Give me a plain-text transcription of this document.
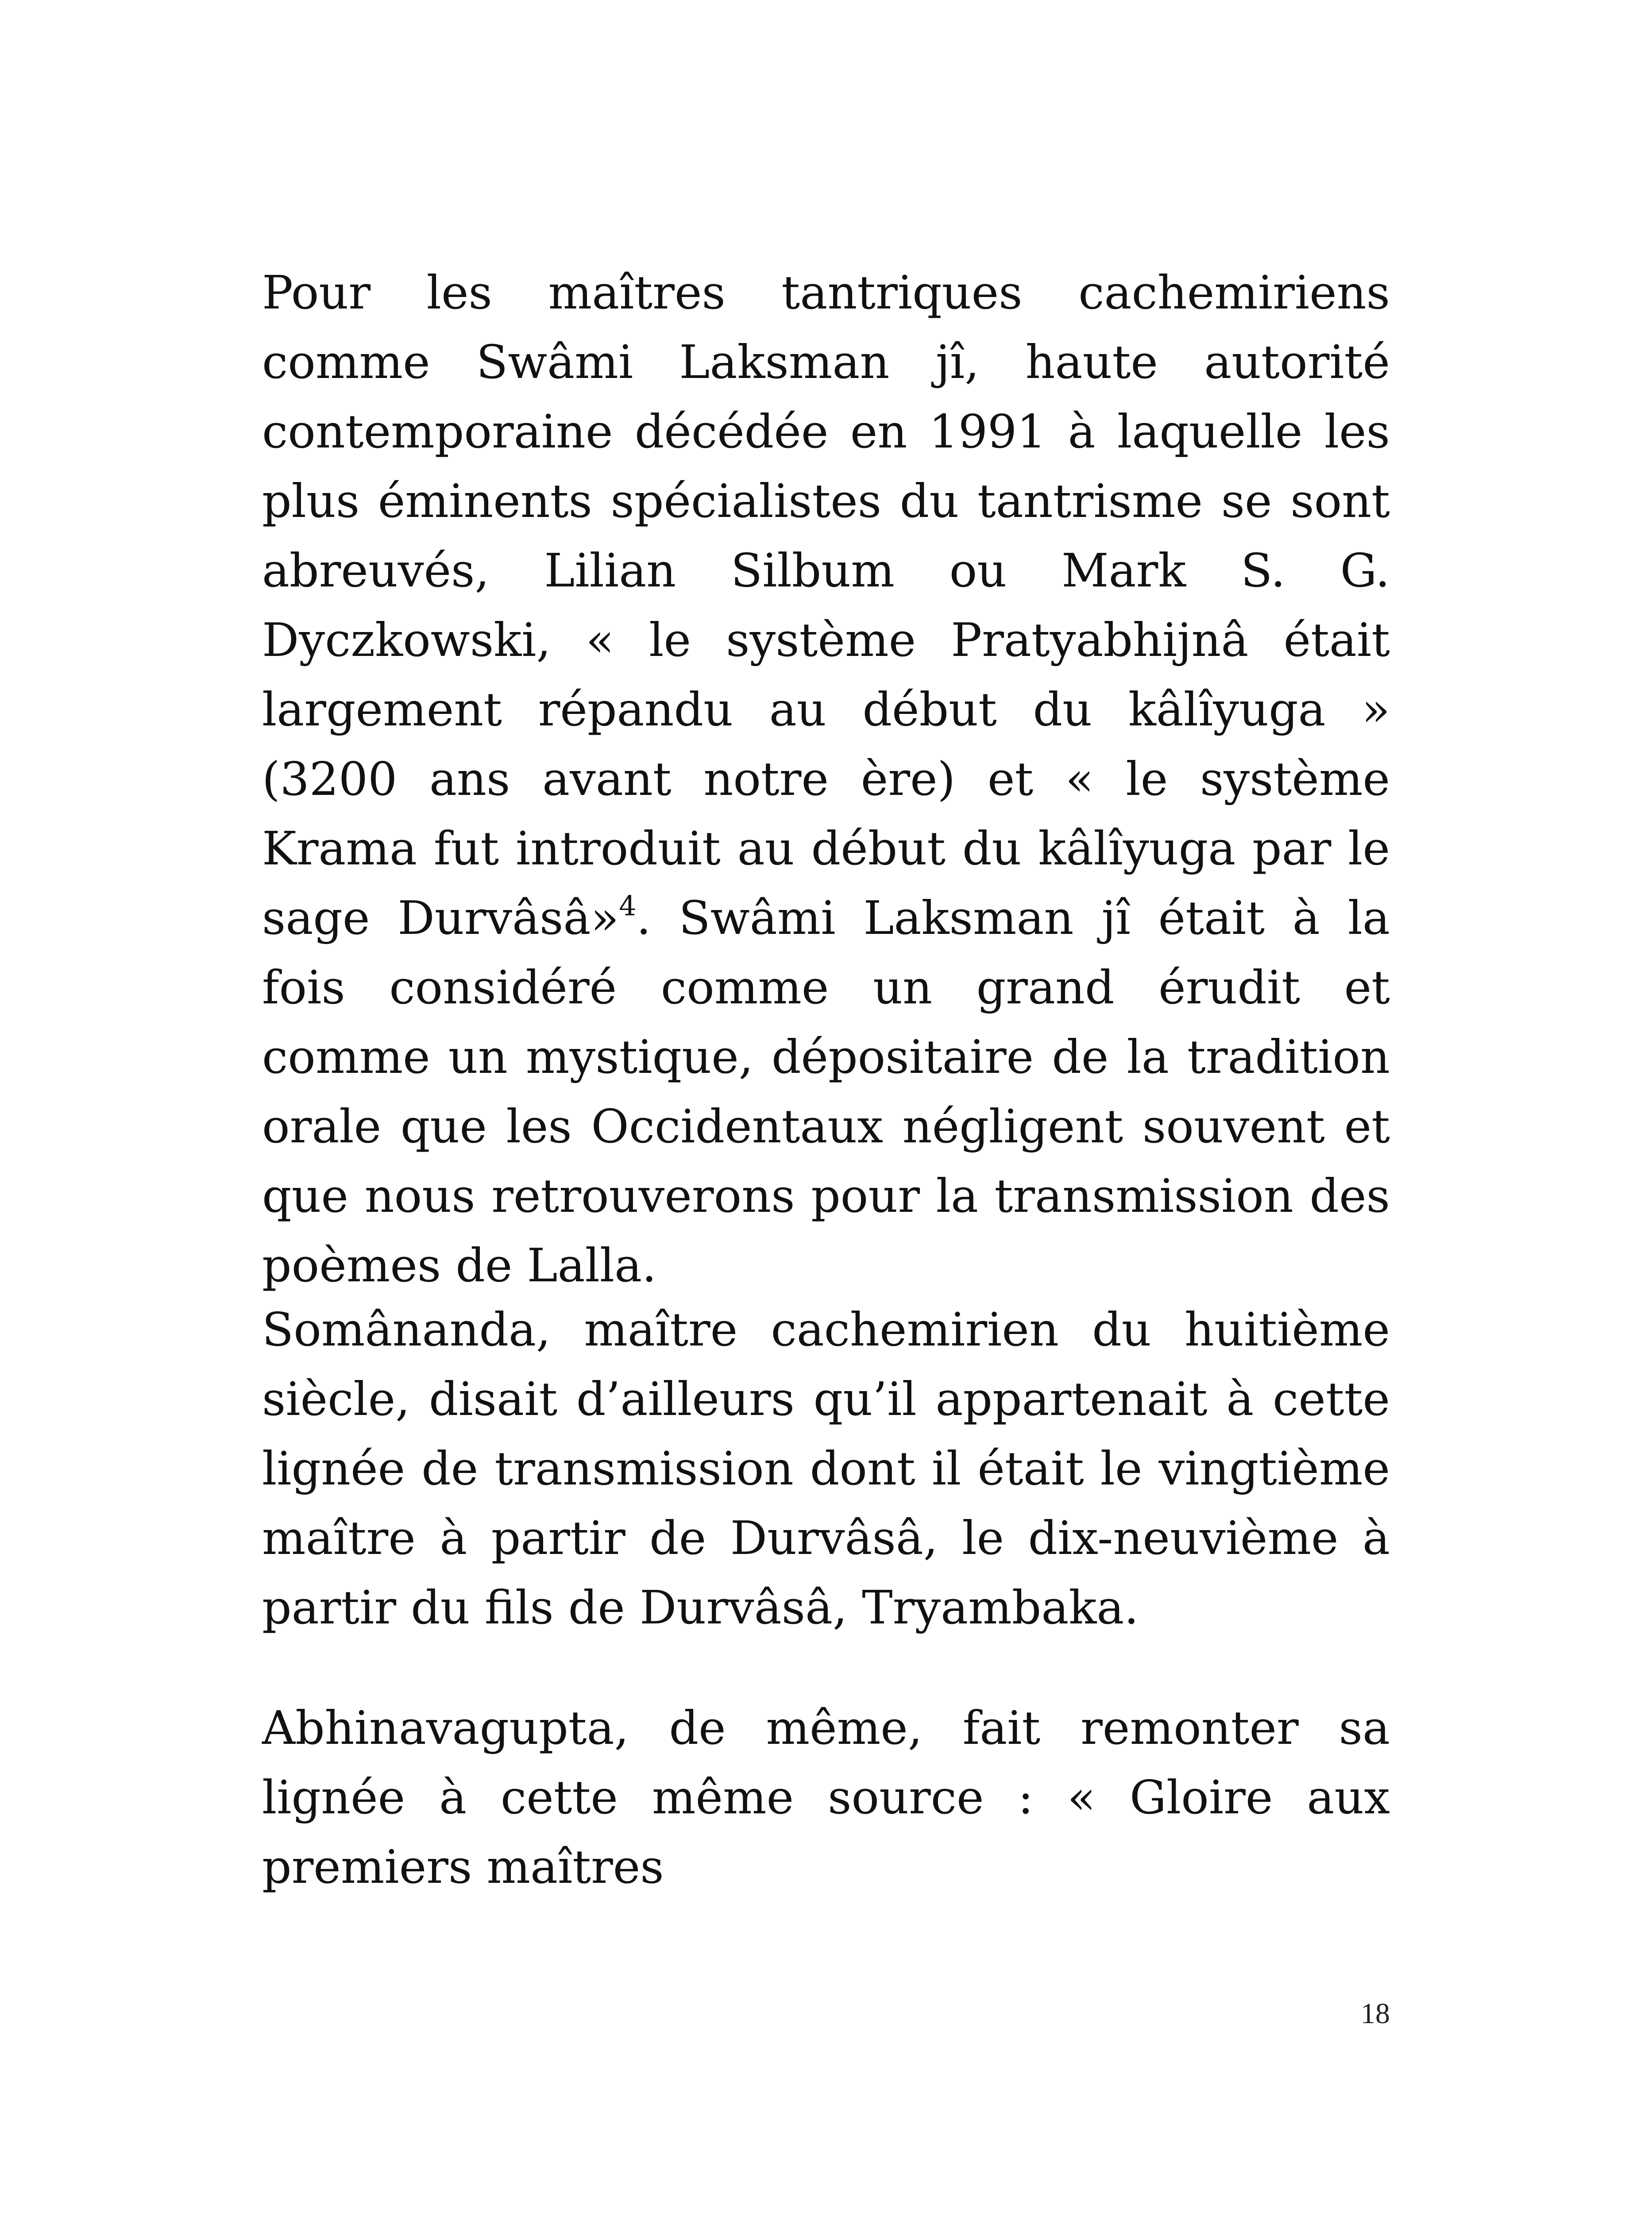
Pour les maîtres tantriques cachemiriens comme Swâmi Laksman jî, haute autorité contemporaine décédée en 1991 à laquelle les plus éminents spécialistes du tantrisme se sont abreuvés, Lilian Silbum ou Mark S. G. Dyczkowski, « le système Pratyabhijnâ était largement répandu au début du kâlîyuga » (3200 ans avant notre ère) et « le système Krama fut introduit au début du kâlîyuga par le sage Durvâsâ»$^4$. Swâmi Laksman jî était à la fois considéré comme un grand érudit et comme un mystique, dépositaire de la tradition orale que les Occidentaux négligent souvent et que nous retrouverons pour la transmission des poèmes de Lalla.

Somânanda, maître cachemirien du huitième siècle, disait d’ailleurs qu’il appartenait à cette lignée de transmission dont il était le vingtième maître à partir de Durvâsâ, le dix-neuvième à partir du fils de Durvâsâ, Tryambaka.

Abhinavagupta, de même, fait remonter sa lignée à cette même source : « Gloire aux premiers maîtres

18
